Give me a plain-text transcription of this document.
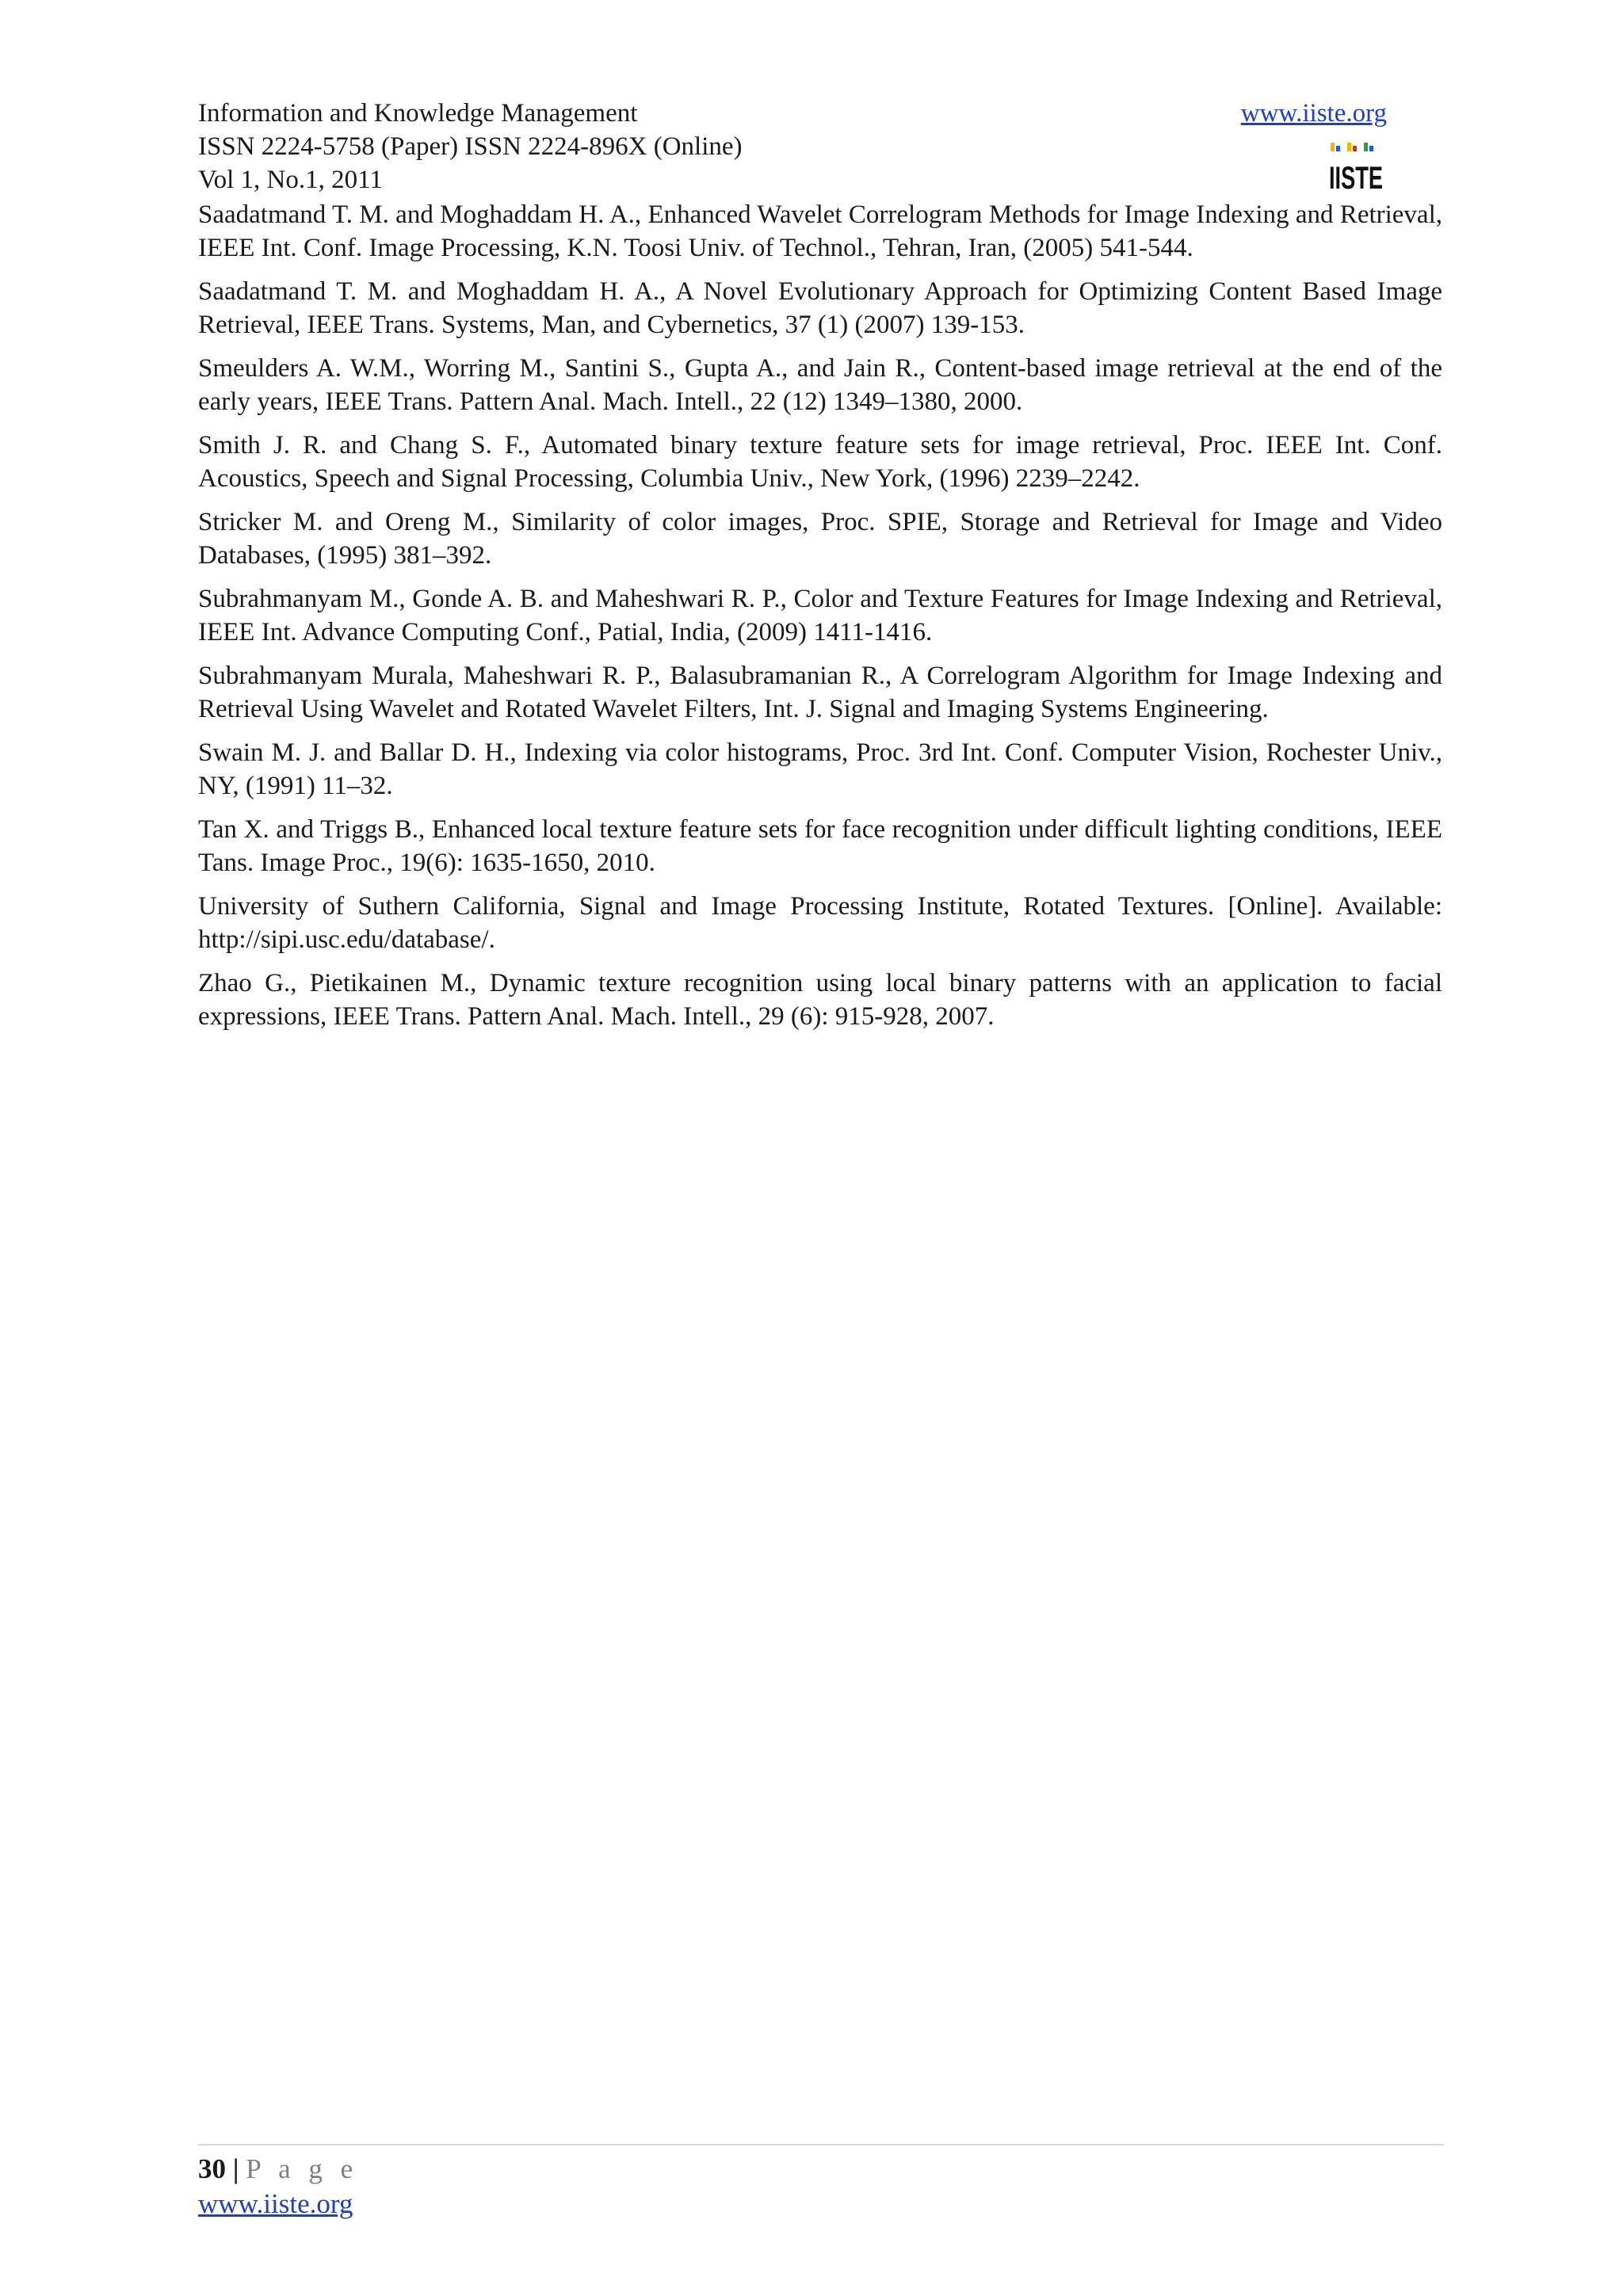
Information and Knowledge Management
ISSN 2224-5758 (Paper) ISSN 2224-896X (Online)
Vol 1, No.1, 2011
www.iiste.org
IISTE

Saadatmand T. M. and Moghaddam H. A., Enhanced Wavelet Correlogram Methods for Image Indexing and Retrieval, IEEE Int. Conf. Image Processing, K.N. Toosi Univ. of Technol., Tehran, Iran, (2005) 541-544.

Saadatmand T. M. and Moghaddam H. A., A Novel Evolutionary Approach for Optimizing Content Based Image Retrieval, IEEE Trans. Systems, Man, and Cybernetics, 37 (1) (2007) 139-153.

Smeulders A. W.M., Worring M., Santini S., Gupta A., and Jain R., Content-based image retrieval at the end of the early years, IEEE Trans. Pattern Anal. Mach. Intell., 22 (12) 1349–1380, 2000.

Smith J. R. and Chang S. F., Automated binary texture feature sets for image retrieval, Proc. IEEE Int. Conf. Acoustics, Speech and Signal Processing, Columbia Univ., New York, (1996) 2239–2242.

Stricker M. and Oreng M., Similarity of color images, Proc. SPIE, Storage and Retrieval for Image and Video Databases, (1995) 381–392.

Subrahmanyam M., Gonde A. B. and Maheshwari R. P., Color and Texture Features for Image Indexing and Retrieval, IEEE Int. Advance Computing Conf., Patial, India, (2009) 1411-1416.

Subrahmanyam Murala, Maheshwari R. P., Balasubramanian R., A Correlogram Algorithm for Image Indexing and Retrieval Using Wavelet and Rotated Wavelet Filters, Int. J. Signal and Imaging Systems Engineering.

Swain M. J. and Ballar D. H., Indexing via color histograms, Proc. 3rd Int. Conf. Computer Vision, Rochester Univ., NY, (1991) 11–32.

Tan X. and Triggs B., Enhanced local texture feature sets for face recognition under difficult lighting conditions, IEEE Tans. Image Proc., 19(6): 1635-1650, 2010.

University of Suthern California, Signal and Image Processing Institute, Rotated Textures. [Online]. Available: http://sipi.usc.edu/database/.

Zhao G., Pietikainen M., Dynamic texture recognition using local binary patterns with an application to facial expressions, IEEE Trans. Pattern Anal. Mach. Intell., 29 (6): 915-928, 2007.

30 | P a g e
www.iiste.org
